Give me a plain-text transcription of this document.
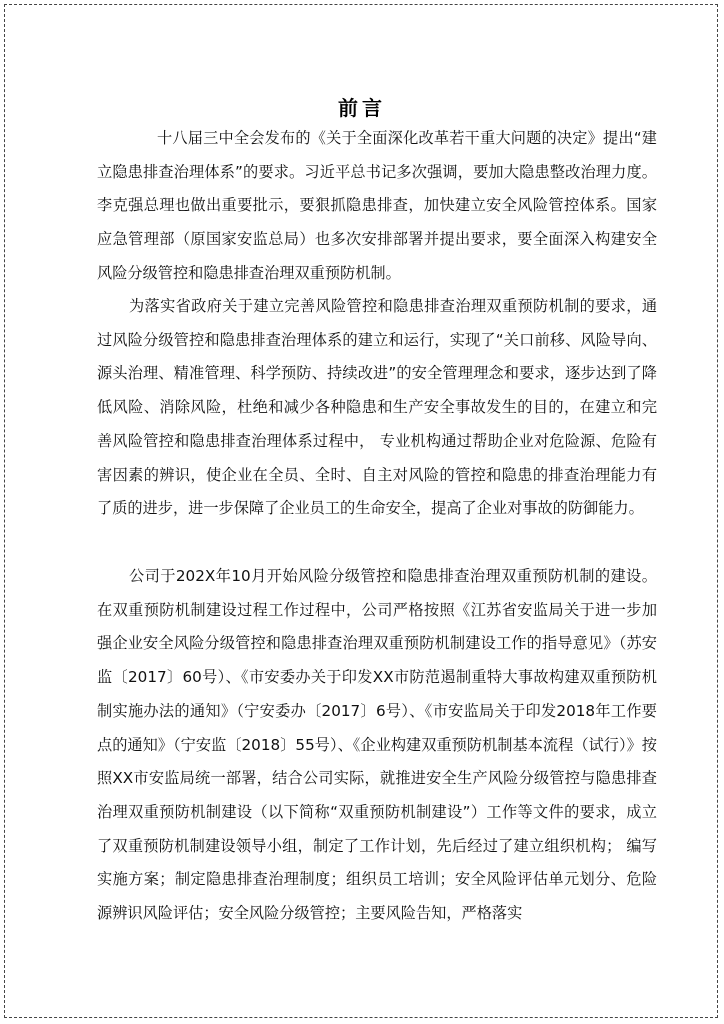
前言

十八届三中全会发布的《关于全面深化改革若干重大问题的决定》提出“建立隐患排查治理体系”的要求。习近平总书记多次强调，要加大隐患整改治理力度。李克强总理也做出重要批示，要狠抓隐患排查，加快建立安全风险管控体系。国家应急管理部（原国家安监总局）也多次安排部署并提出要求，要全面深入构建安全风险分级管控和隐患排查治理双重预防机制。

为落实省政府关于建立完善风险管控和隐患排查治理双重预防机制的要求，通过风险分级管控和隐患排查治理体系的建立和运行，实现了“关口前移、风险导向、源头治理、精准管理、科学预防、持续改进”的安全管理理念和要求，逐步达到了降低风险、消除风险，杜绝和减少各种隐患和生产安全事故发生的目的，在建立和完善风险管控和隐患排查治理体系过程中， 专业机构通过帮助企业对危险源、危险有害因素的辨识，使企业在全员、全时、自主对风险的管控和隐患的排查治理能力有了质的进步，进一步保障了企业员工的生命安全，提高了企业对事故的防御能力。

公司于202X年10月开始风险分级管控和隐患排查治理双重预防机制的建设。在双重预防机制建设过程工作过程中，公司严格按照《江苏省安监局关于进一步加强企业安全风险分级管控和隐患排查治理双重预防机制建设工作的指导意见》（苏安监〔2017〕60号）、《市安委办关于印发XX市防范遏制重特大事故构建双重预防机制实施办法的通知》（宁安委办〔2017〕6号）、《市安监局关于印发2018年工作要点的通知》（宁安监〔2018〕55号）、《企业构建双重预防机制基本流程（试行）》按照XX市安监局统一部署，结合公司实际，就推进安全生产风险分级管控与隐患排查治理双重预防机制建设（以下简称“双重预防机制建设”）工作等文件的要求，成立了双重预防机制建设领导小组，制定了工作计划，先后经过了建立组织机构； 编写实施方案；制定隐患排查治理制度；组织员工培训；安全风险评估单元划分、危险源辨识风险评估；安全风险分级管控；主要风险告知，严格落实
